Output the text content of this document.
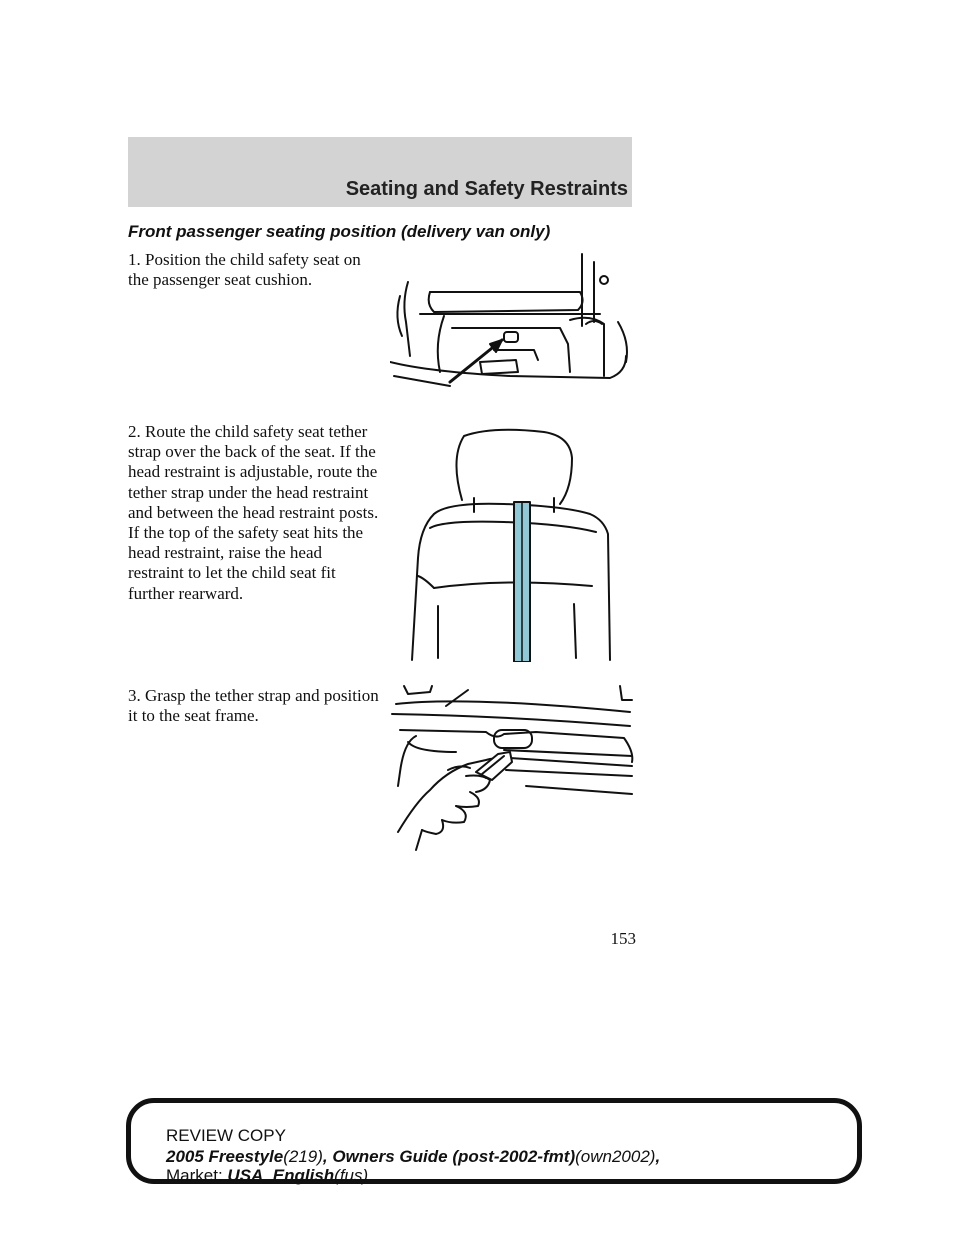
Seating and Safety Restraints
Front passenger seating position (delivery van only)

1. Position the child safety seat on the passenger seat cushion.

2. Route the child safety seat tether strap over the back of the seat. If the head restraint is adjustable, route the tether strap under the head restraint and between the head restraint posts. If the top of the safety seat hits the head restraint, raise the head restraint to let the child seat fit further rearward.

3. Grasp the tether strap and position it to the seat frame.

153
REVIEW COPY
2005 Freestyle(219), Owners Guide (post-2002-fmt)(own2002),
Market: USA_English(fus)
